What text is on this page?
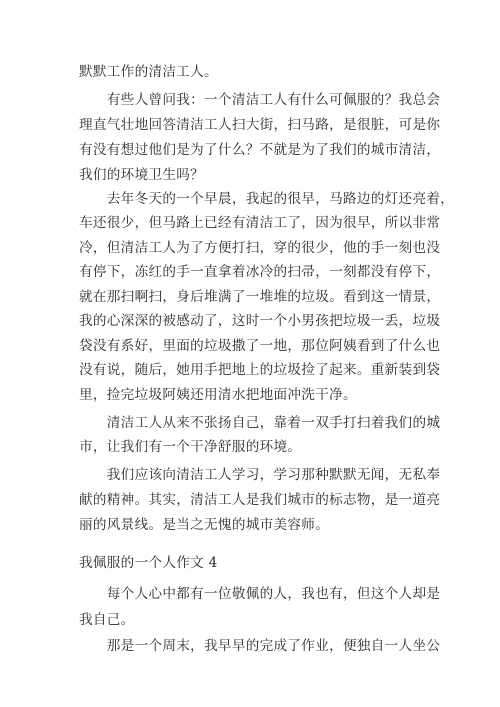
默默工作的清洁工人。
　　有些人曾问我：一个清洁工人有什么可佩服的？我总会
理直气壮地回答清洁工人扫大街，扫马路，是很脏，可是你
有没有想过他们是为了什么？不就是为了我们的城市清洁，
我们的环境卫生吗？
　　去年冬天的一个早晨，我起的很早，马路边的灯还亮着，
车还很少，但马路上已经有清洁工了，因为很早，所以非常
冷，但清洁工人为了方便打扫，穿的很少，他的手一刻也没
有停下，冻红的手一直拿着冰冷的扫帚，一刻都没有停下，
就在那扫啊扫，身后堆满了一堆堆的垃圾。看到这一情景，
我的心深深的被感动了，这时一个小男孩把垃圾一丢，垃圾
袋没有系好，里面的垃圾撒了一地，那位阿姨看到了什么也
没有说，随后，她用手把地上的垃圾捡了起来。重新装到袋
里，捡完垃圾阿姨还用清水把地面冲洗干净。
　　清洁工人从来不张扬自己，靠着一双手打扫着我们的城
市，让我们有一个干净舒服的环境。
　　我们应该向清洁工人学习，学习那种默默无闻，无私奉
献的精神。其实，清洁工人是我们城市的标志物，是一道亮
丽的风景线。是当之无愧的城市美容师。
我佩服的一个人作文 4
　　每个人心中都有一位敬佩的人，我也有，但这个人却是
我自己。
　　那是一个周末，我早早的完成了作业，便独自一人坐公
